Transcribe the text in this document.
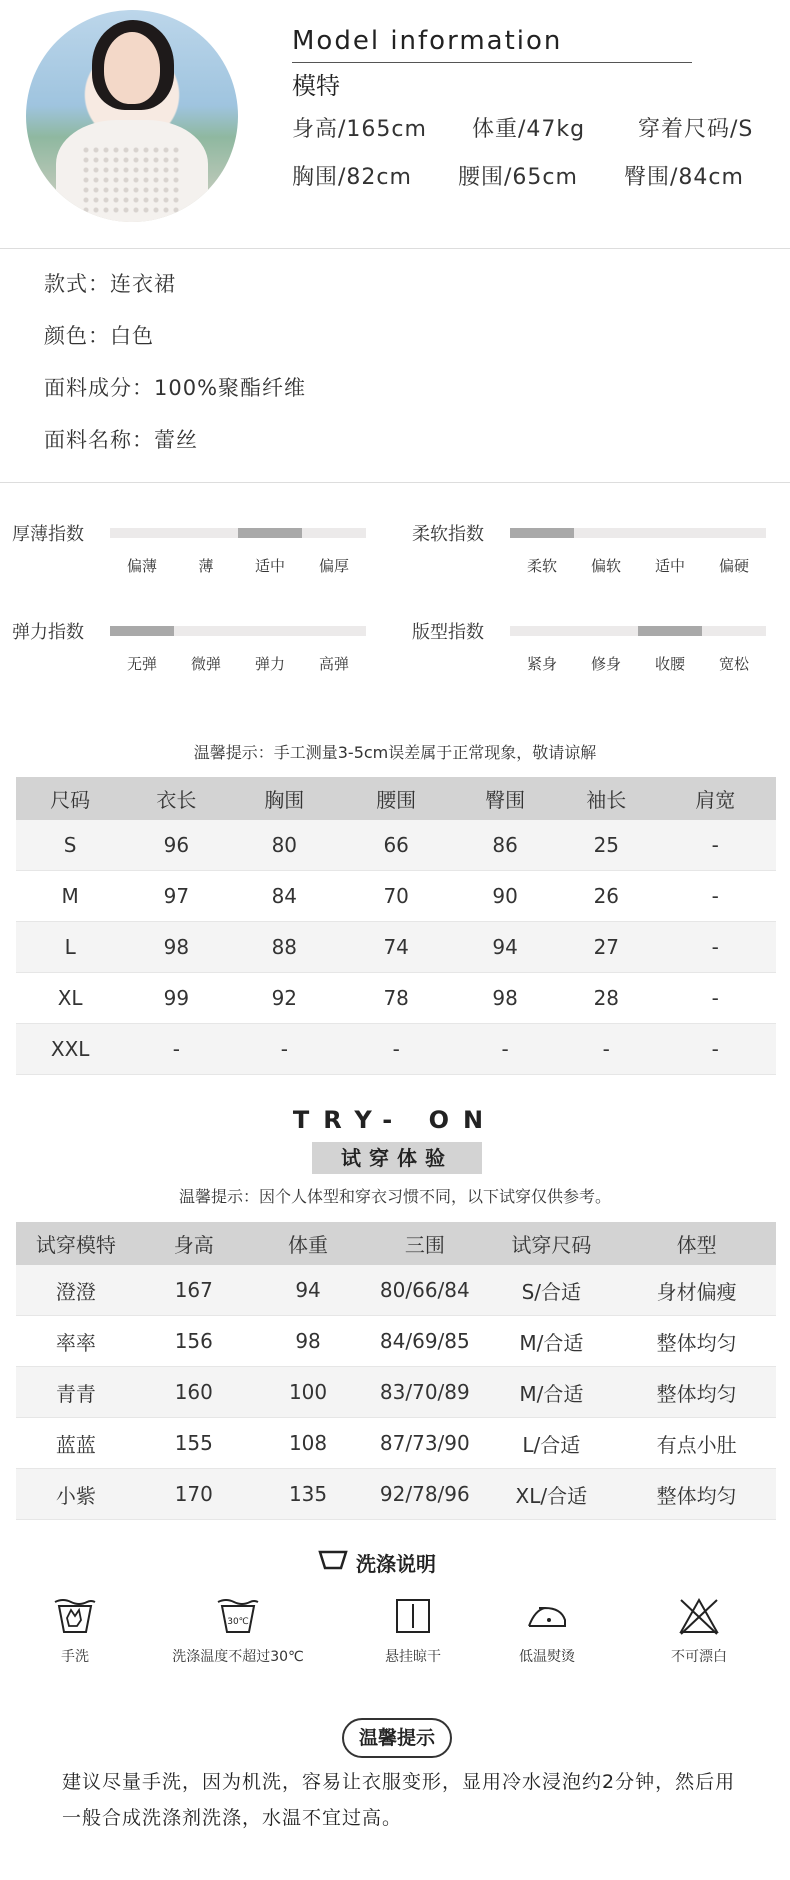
Model information
模特
身高/165cm 体重/47kg 穿着尺码/S
胸围/82cm 腰围/65cm 臀围/84cm
款式：连衣裙
颜色：白色
面料成分：100%聚酯纤维
面料名称：蕾丝
厚薄指数
偏薄	薄	适中	偏厚
柔软指数
柔软	偏软	适中	偏硬
弹力指数
无弹	微弹	弹力	高弹
版型指数
紧身	修身	收腰	宽松
温馨提示：手工测量3-5cm误差属于正常现象，敬请谅解
尺码	衣长	胸围	腰围	臀围	袖长	肩宽
S	96	80	66	86	25	-
M	97	84	70	90	26	-
L	98	88	74	94	27	-
XL	99	92	78	98	28	-
XXL	-	-	-	-	-	-
TRY- ON
试穿体验
温馨提示：因个人体型和穿衣习惯不同，以下试穿仅供参考。
试穿模特	身高	体重	三围	试穿尺码	体型
澄澄	167	94	80/66/84	S/合适	身材偏瘦
率率	156	98	84/69/85	M/合适	整体均匀
青青	160	100	83/70/89	M/合适	整体均匀
蓝蓝	155	108	87/73/90	L/合适	有点小肚
小紫	170	135	92/78/96	XL/合适	整体均匀
洗涤说明
手洗
30℃
洗涤温度不超过30℃	悬挂晾干	低温熨烫	不可漂白
温馨提示
建议尽量手洗，因为机洗，容易让衣服变形，显用冷水浸泡约2分钟，然后用一般合成洗涤剂洗涤，水温不宜过高。
